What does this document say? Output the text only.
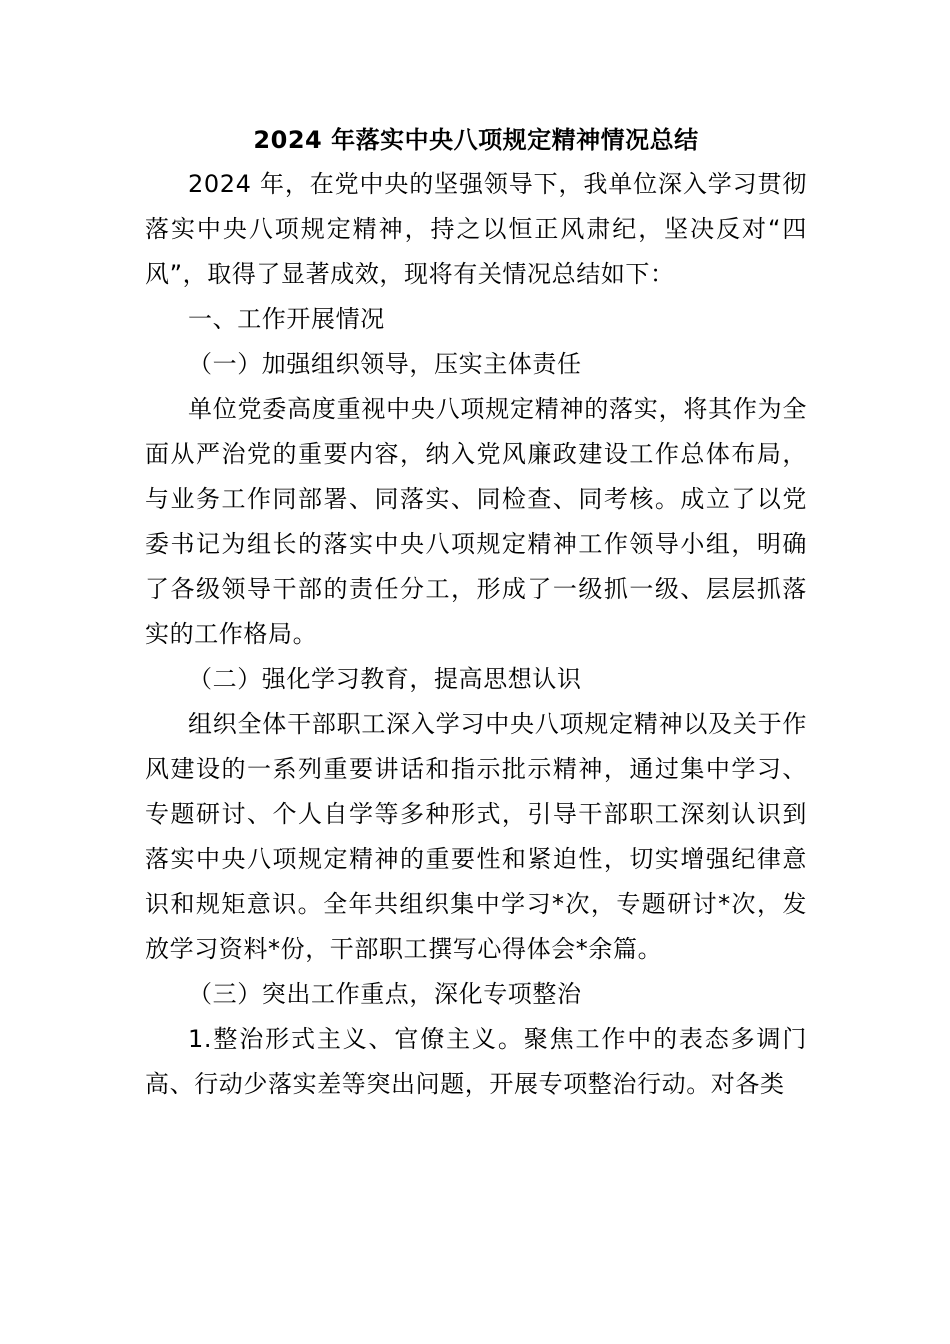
2024 年落实中央八项规定精神情况总结

2024 年，在党中央的坚强领导下，我单位深入学习贯彻落实中央八项规定精神，持之以恒正风肃纪，坚决反对“四风”，取得了显著成效，现将有关情况总结如下：

一、工作开展情况

（一）加强组织领导，压实主体责任

单位党委高度重视中央八项规定精神的落实，将其作为全面从严治党的重要内容，纳入党风廉政建设工作总体布局，与业务工作同部署、同落实、同检查、同考核。成立了以党委书记为组长的落实中央八项规定精神工作领导小组，明确了各级领导干部的责任分工，形成了一级抓一级、层层抓落实的工作格局。

（二）强化学习教育，提高思想认识

组织全体干部职工深入学习中央八项规定精神以及关于作风建设的一系列重要讲话和指示批示精神，通过集中学习、专题研讨、个人自学等多种形式，引导干部职工深刻认识到落实中央八项规定精神的重要性和紧迫性，切实增强纪律意识和规矩意识。全年共组织集中学习*次，专题研讨*次，发放学习资料*份，干部职工撰写心得体会*余篇。

（三）突出工作重点，深化专项整治

1.整治形式主义、官僚主义。聚焦工作中的表态多调门高、行动少落实差等突出问题，开展专项整治行动。对各类
